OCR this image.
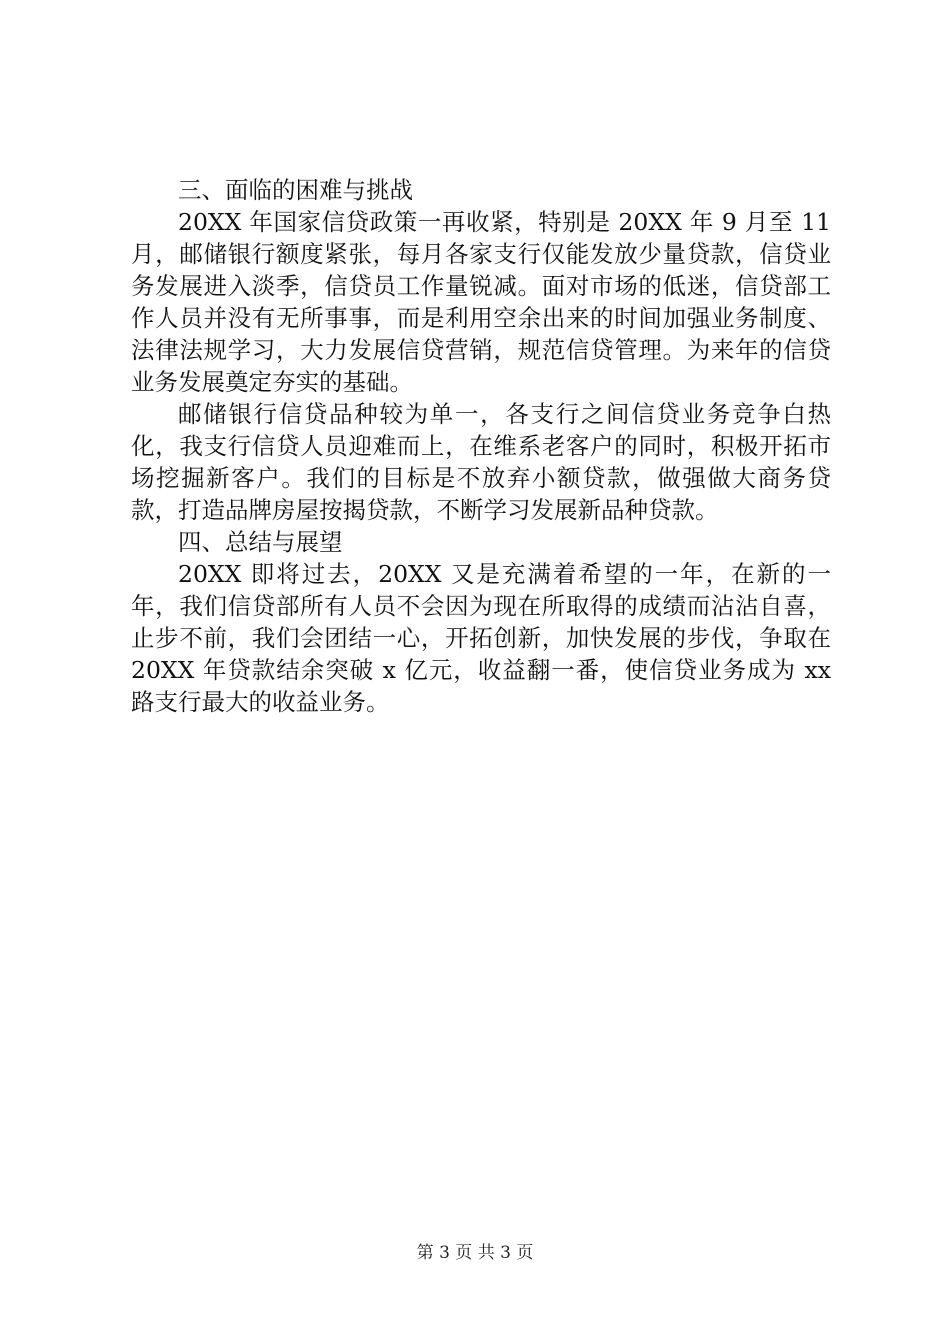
三、面临的困难与挑战

20XX 年国家信贷政策一再收紧，特别是 20XX 年 9 月至 11 月，邮储银行额度紧张，每月各家支行仅能发放少量贷款，信贷业务发展进入淡季，信贷员工作量锐减。面对市场的低迷，信贷部工作人员并没有无所事事，而是利用空余出来的时间加强业务制度、法律法规学习，大力发展信贷营销，规范信贷管理。为来年的信贷业务发展奠定夯实的基础。

邮储银行信贷品种较为单一，各支行之间信贷业务竞争白热化，我支行信贷人员迎难而上，在维系老客户的同时，积极开拓市场挖掘新客户。我们的目标是不放弃小额贷款，做强做大商务贷款，打造品牌房屋按揭贷款，不断学习发展新品种贷款。

四、总结与展望

20XX 即将过去，20XX 又是充满着希望的一年，在新的一年，我们信贷部所有人员不会因为现在所取得的成绩而沾沾自喜，止步不前，我们会团结一心，开拓创新，加快发展的步伐，争取在 20XX 年贷款结余突破 x 亿元，收益翻一番，使信贷业务成为 xx 路支行最大的收益业务。

第 3 页 共 3 页
